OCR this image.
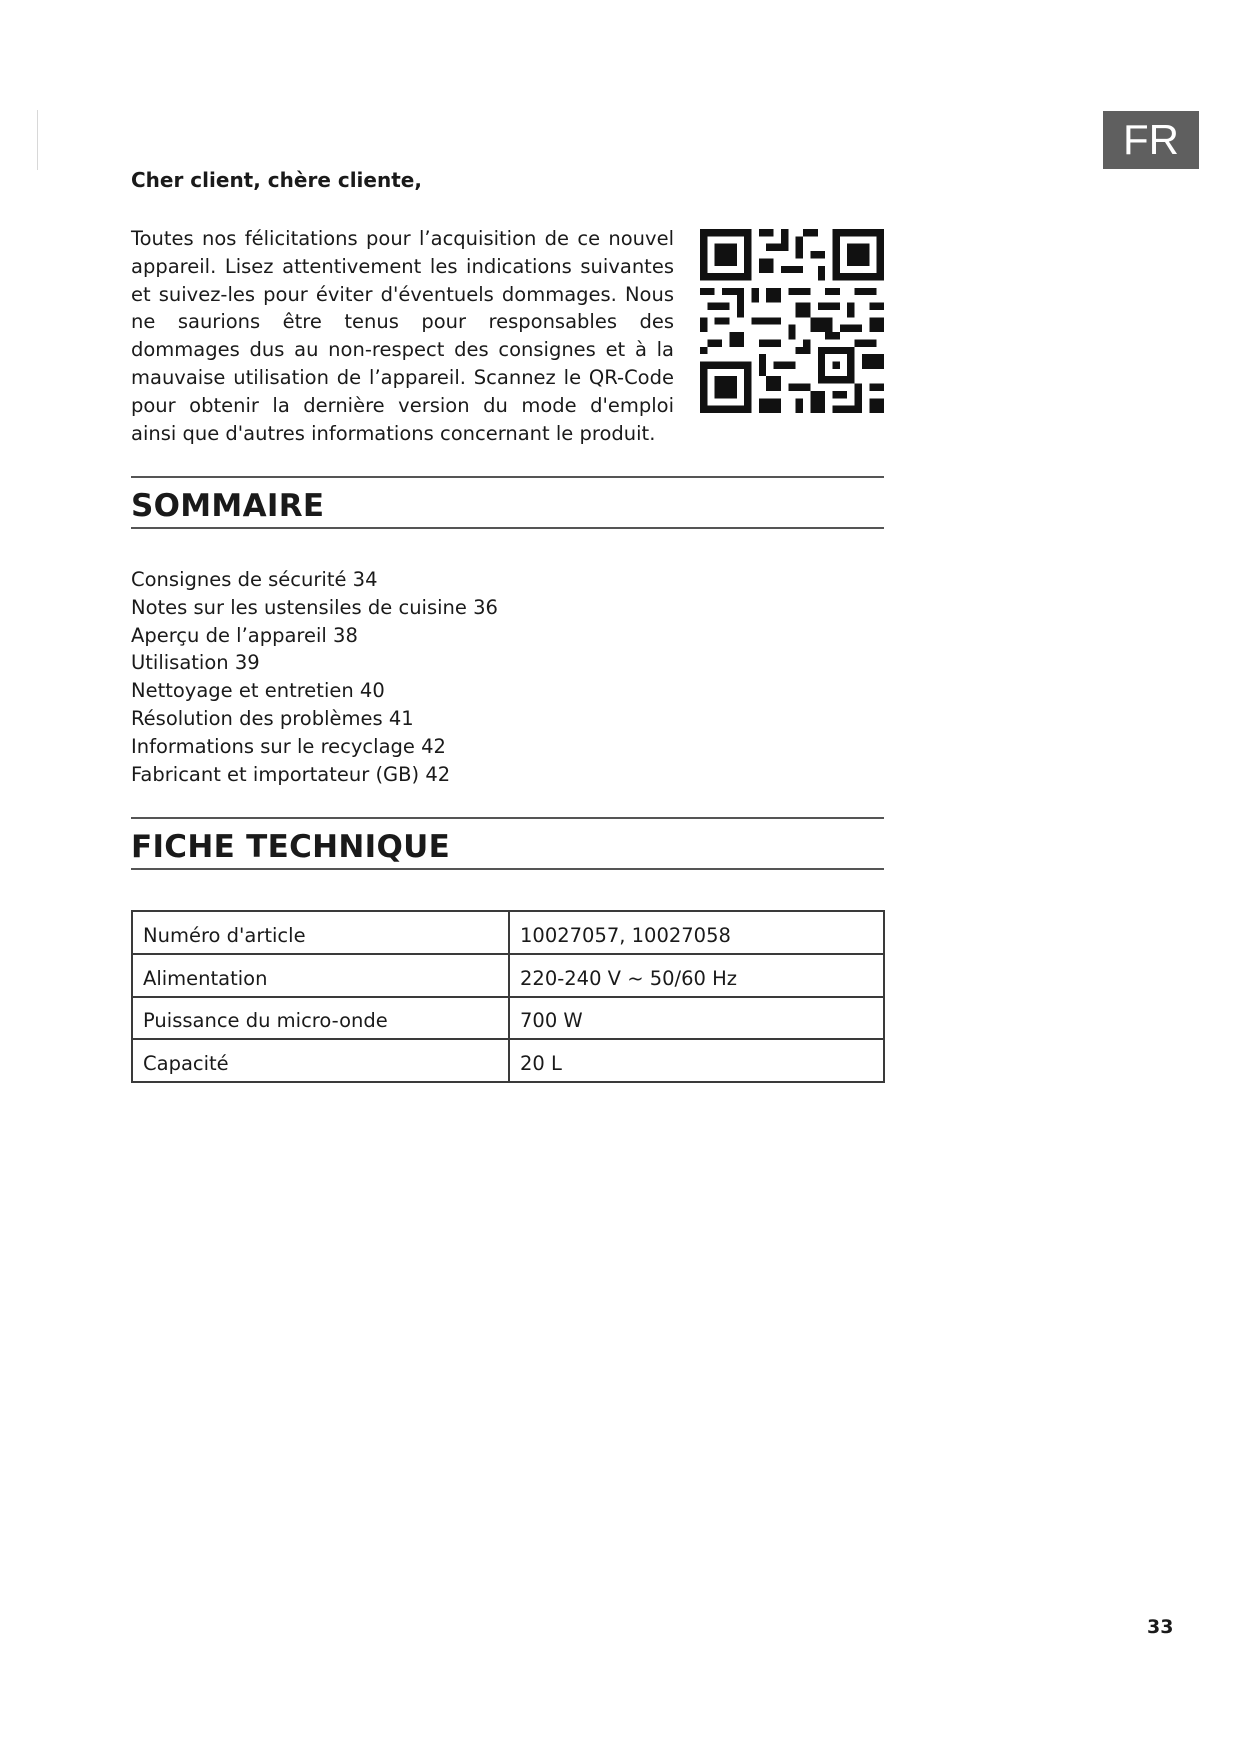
FR
Cher client, chère cliente,

Toutes nos félicitations pour l’acquisition de ce nouvel appareil. Lisez attentivement les indications suivantes et suivez-les pour éviter d'éventuels dommages. Nous ne saurions être tenus pour responsables des dommages dus au non-respect des consignes et à la mauvaise utilisation de l’appareil. Scannez le QR-Code pour obtenir la dernière version du mode d'emploi ainsi que d'autres informations concernant le produit.

SOMMAIRE
Consignes de sécurité 34
Notes sur les ustensiles de cuisine 36
Aperçu de l’appareil 38
Utilisation 39
Nettoyage et entretien 40
Résolution des problèmes 41
Informations sur le recyclage 42
Fabricant et importateur (GB) 42
FICHE TECHNIQUE
Numéro d'article	10027057, 10027058
Alimentation	220-240 V ~ 50/60 Hz
Puissance du micro-onde	700 W
Capacité	20 L
33
